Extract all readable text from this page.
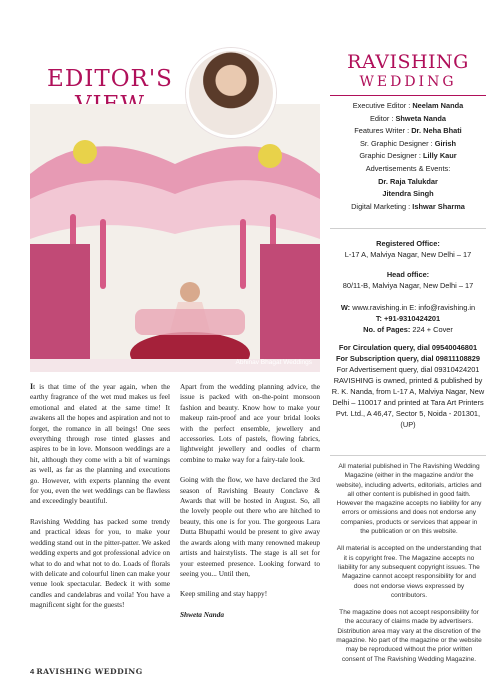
EDITOR'S
RAVISHING
WEDDING
Abhinav Bhagat Weddings
Executive Editor : Neelam Nanda
Editor : Shweta Nanda
Features Writer : Dr. Neha Bhati
Sr. Graphic Designer : Girish
Graphic Designer : Lilly Kaur
Advertisements & Events:
Dr. Raja Talukdar
Jitendra Singh
Digital Marketing : Ishwar Sharma
Registered Office:
L-17 A, Malviya Nagar, New Delhi – 17
Head office:
80/11-B, Malviya Nagar, New Delhi – 17
W: www.ravishing.in E: info@ravishing.in
T: +91-9310424201
No. of Pages: 224 + Cover
For Circulation query, dial 09540046801
For Subscription query, dial 09811108829
For Advertisement query, dial 09310424201 RAVISHING is owned, printed & published by R. K. Nanda, from L-17 A, Malviya Nagar, New Delhi – 110017 and printed at Tara Art Printers Pvt. Ltd., A 46,47, Sector 5, Noida - 201301, (UP)

All material published in The Ravishing Wedding Magazine (either in the magazine and/or the website), including adverts, editorials, articles and all other content is published in good faith. However the magazine accepts no liability for any errors or omissions and does not endorse any companies, products or services that appear in the publication or on this website.

All material is accepted on the understanding that it is copyright free. The Magazine accepts no liability for any subsequent copyright issues. The Magazine cannot accept responsibility for and does not endorse views expressed by contributors.

The magazine does not accept responsibility for the accuracy of claims made by advertisers. Distribution area may vary at the discretion of the magazine. No part of the magazine or the website may be reproduced without the prior written consent of The Ravishing Wedding Magazine.

It is that time of the year again, when the earthy fragrance of the wet mud makes us feel emotional and elated at the same time! It awakens all the hopes and aspiration and not to forget, the romance in all beings! One sees everything through rose tinted glasses and aspires to be in love. Monsoon weddings are a hit, although they come with a bit of warnings as well, as far as the planning and executions go. However, with experts planning the event for you, even the wet weddings can be flawless and exceedingly beautiful.

Ravishing Wedding has packed some trendy and practical ideas for you, to make your wedding stand out in the pitter-patter. We asked wedding experts and got professional advice on what to do and what not to do. Loads of florals with delicate and colourful linen can make your venue look spectacular. Bedeck it with some candles and candelabras and voila! You have a magnificent sight for the guests!

Apart from the wedding planning advice, the issue is packed with on-the-point monsoon fashion and beauty. Know how to make your makeup rain-proof and ace your bridal looks with the perfect ensemble, jewellery and accessories. Lots of pastels, flowing fabrics, lightweight jewellery and oodles of charm combine to make way for a fairy-tale look.

Going with the flow, we have declared the 3rd season of Ravishing Beauty Conclave & Awards that will be hosted in August. So, all the lovely people out there who are hitched to beauty, this one is for you. The gorgeous Lara Dutta Bhupathi would be present to give away the awards along with many renowned makeup artists and hairstylists. The stage is all set for your esteemed presence. Looking forward to seeing you... Until then,

Keep smiling and stay happy!

Shweta Nanda

4 RAVISHING WEDDING
